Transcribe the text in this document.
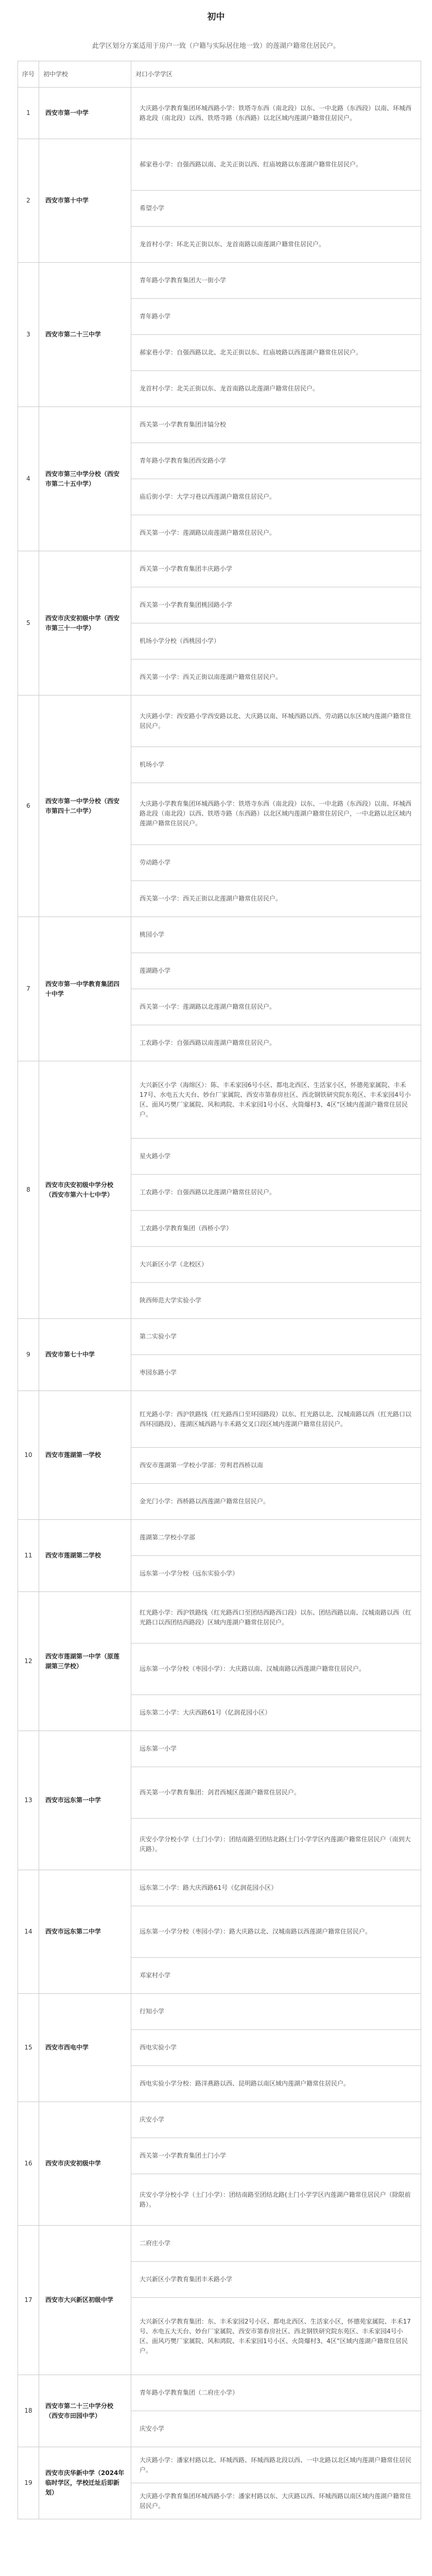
初中
此学区划分方案适用于房户一致（户籍与实际居住地一致）的莲湖户籍常住居民户。
序号	初中学校	对口小学学区
1	西安市第一中学	大庆路小学教育集团环城西路小学：铁塔寺东西（南北段）以东、一中北路（东西段）以南、环城西路北段（南北段）以西、铁塔寺路（东西路）以北区域内莲湖户籍常住居民户。
2	西安市第十中学	郝家巷小学：自强西路以南、北关正街以西、红庙坡路以东莲湖户籍常住居民户。
		希望小学
		龙首村小学：环北关正街以东、龙首南路以南莲湖户籍常住居民户。
3	西安市第二十三中学	青年路小学教育集团大一街小学
		青年路小学
		郝家巷小学：自强西路以北、北关正街以东、红庙坡路以西莲湖户籍常住居民户。
		龙首村小学：北关正街以东、龙首南路以北莲湖户籍常住居民户。
4	西安市第三中学分校（西安市第二十五中学）	西关第一小学教育集团沣镐分校
		青年路小学教育集团西安路小学
		庙后街小学：大学习巷以西莲湖户籍常住居民户。
		西关第一小学：莲湖路以南莲湖户籍常住居民户。
5	西安市庆安初级中学（西安市第三十一中学）	西关第一小学教育集团丰庆路小学
		西关第一小学教育集团桃园路小学
		机场小学分校（西桃园小学）
		西关第一小学：西关正街以南莲湖户籍常住居民户。
6	西安市第一中学分校（西安市第四十二中学）	大庆路小学：西安路小学西安路以北、大庆路以南、环城西路以西、劳动路以东区域内莲湖户籍常住居民户。
		机场小学
		大庆路小学教育集团环城西路小学：铁塔寺东西（南北段）以东、一中北路（东西段）以南、环城西路北段（南北段）以西、铁塔寺路（东西路）以北区域内莲湖户籍常住居民户，一中北路以北区域内莲湖户籍常住居民户。
		劳动路小学
		西关第一小学：西关正街以北莲湖户籍常住居民户。
7	西安市第一中学教育集团四十中学	桃园小学
		莲湖路小学
		西关第一小学：莲湖路以北莲湖户籍常住居民户。
		工农路小学：自强西路以南莲湖户籍常住居民户。
8	西安市庆安初级中学分校（西安市第六十七中学）	大兴新区小学（海绵区）：陈、丰禾家园6号小区、都电北西区、生活家小区，怀德苑家属院、丰禾17号、水电五大天台、妙台厂家属院、西安市第春房社区、西北钢铁研究院东苑区、丰禾家园4号小区、面风巧樊厂家属院、风和鸿院、丰禾家园1号小区、火筒爆村3、4区”区域内莲湖户籍常住居民户。
		星火路小学
		工农路小学：自强西路以北莲湖户籍常住居民户。
		工农路小学教育集团（西桥小学）
		大兴新区小学（北校区）
		陕西师范大学实验小学
9	西安市第七十中学	第二实验小学
		枣园东路小学
10	西安市莲湖第一学校	红光路小学：西沪铁路线（红光路西口至环园路段）以东、红光路以北、汉城南路以西（红光路口以西环园路段）、莲湖区城西路与丰禾路交叉口段区域内莲湖户籍常住居民户。
		西安市莲湖第一学校小学部：劳利君西桥以南
		金光门小学：西桥路以西莲湖户籍常住居民户。
11	西安市莲湖第二学校	莲湖第二学校小学部
		远东第一小学分校（远东实验小学）
12	西安市莲湖第一中学（原莲湖第三学校）	红光路小学：西沪铁路线（红光路西口至团结西路西口段）以东、团结西路以南、汉城南路以西（红光路口以西团结西路段）区域内莲湖户籍常住居民户。
		远东第一小学分校（枣园小学）：大庆路以南、汉城南路以西莲湖户籍常住居民户。
		远东第二小学：大庆西路61号（亿润花园小区）
13	西安市远东第一中学	远东第一小学
		西关第一小学教育集团：剑君西城区莲湖户籍常住居民户。
		庆安小学分校小学（土门小学）：团结南路至团结北路(土门小学学区内莲湖户籍常住居民户（南到大庆路）。
14	西安市远东第二中学	远东第二小学：路大庆西路61号（亿润花园小区）
		远东第一小学分校（枣园小学）：路大庆路以北、汉城南路以西莲湖户籍常住居民户。
		邓家村小学
15	西安市西电中学	行知小学
		西电实验小学
		西电实验小学分校：路洋燕路以西、昆明路以南区域内莲湖户籍常住居民户。
16	西安市庆安初级中学	庆安小学
		西关第一小学教育集团土门小学
		庆安小学分校小学（土门小学）：团结南路至团结北路(土门小学学区内莲湖户籍常住居民户（除限前路）。
17	西安市大兴新区初级中学	二府庄小学
		大兴新区小学教育集团丰禾路小学
		大兴新区小学教育集团：东、丰禾家园2号小区、都电北西区、生活家小区，怀德苑家属院、丰禾17号、水电五大天台、妙台厂家属院、西安市第春房社区、西北钢铁研究院东苑区、丰禾家园4号小区、面风巧樊厂家属院、风和鸿院、丰禾家园1号小区、火筒爆村3、4区”区域内莲湖户籍常住居民户。
18	西安市第二十三中学分校（西安市田园中学）	青年路小学教育集团（二府庄小学）
		庆安小学
19	西安市庆华新中学（2024年临时学区，学校迁址后即新划）	大庆路小学：潘家村路以北、环城西路、环城西路北段以西、一中北路以北区域内莲湖户籍常住居民户。
		大庆路小学教育集团环城西路小学：潘家村路以东、大庆路以西、环城西路以南区域内莲湖户籍常住居民户。
